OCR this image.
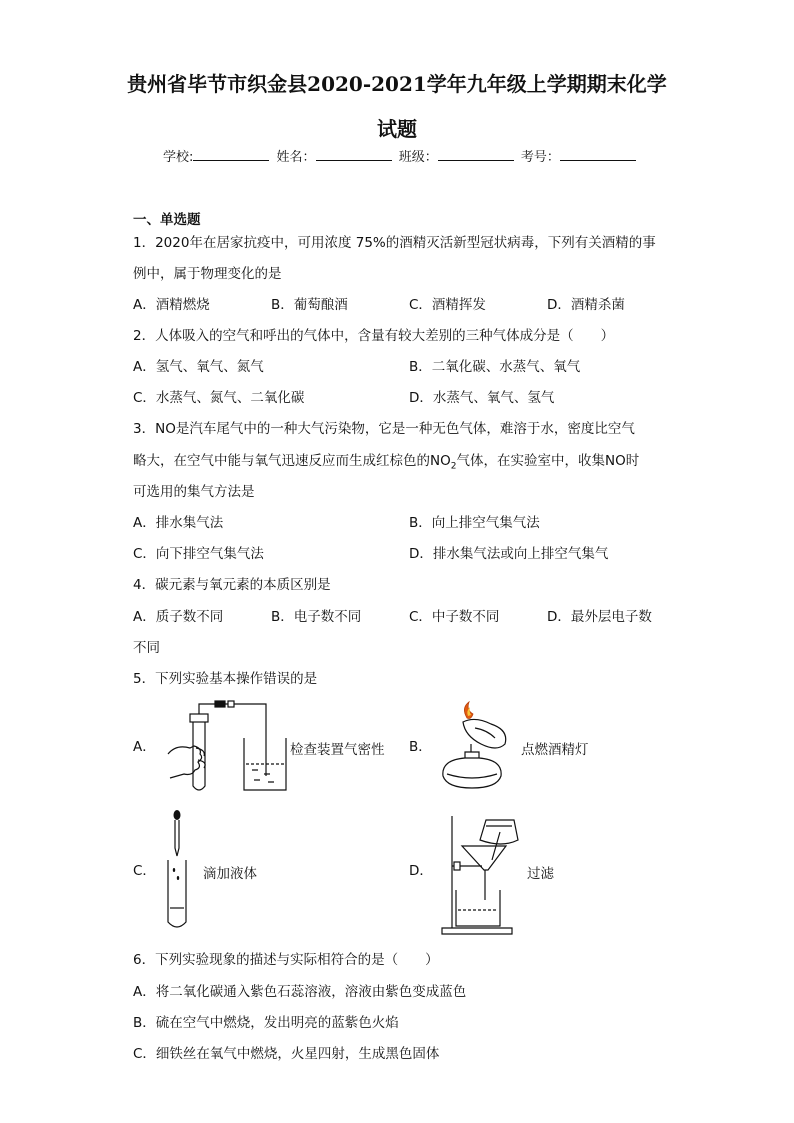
贵州省毕节市织金县2020-2021学年九年级上学期期末化学
试题
学校:	姓名：	班级：	考号：
一、单选题
1．2020年在居家抗疫中，可用浓度 75%的酒精灭活新型冠状病毒，下列有关酒精的事
例中，属于物理变化的是
A．酒精燃烧	B．葡萄酿酒	C．酒精挥发	D．酒精杀菌
2．人体吸入的空气和呼出的气体中，含量有较大差别的三种气体成分是（　　）
A．氢气、氧气、氮气	B．二氧化碳、水蒸气、氧气
C．水蒸气、氮气、二氧化碳	D．水蒸气、氧气、氢气
3．NO是汽车尾气中的一种大气污染物，它是一种无色气体，难溶于水，密度比空气
略大，在空气中能与氧气迅速反应而生成红棕色的$NO_2$气体，在实验室中，收集NO时
可选用的集气方法是
A．排水集气法	B．向上排空气集气法
C．向下排空气集气法	D．排水集气法或向上排空气集气
4．碳元素与氧元素的本质区别是
A．质子数不同	B．电子数不同	C．中子数不同	D．最外层电子数
不同
5．下列实验基本操作错误的是
A．	检查装置气密性 B．	点燃酒精灯
C．	滴加液体	D．	过滤
6．下列实验现象的描述与实际相符合的是（　　）
A．将二氧化碳通入紫色石蕊溶液，溶液由紫色变成蓝色
B．硫在空气中燃烧，发出明亮的蓝紫色火焰
C．细铁丝在氧气中燃烧，火星四射，生成黑色固体
